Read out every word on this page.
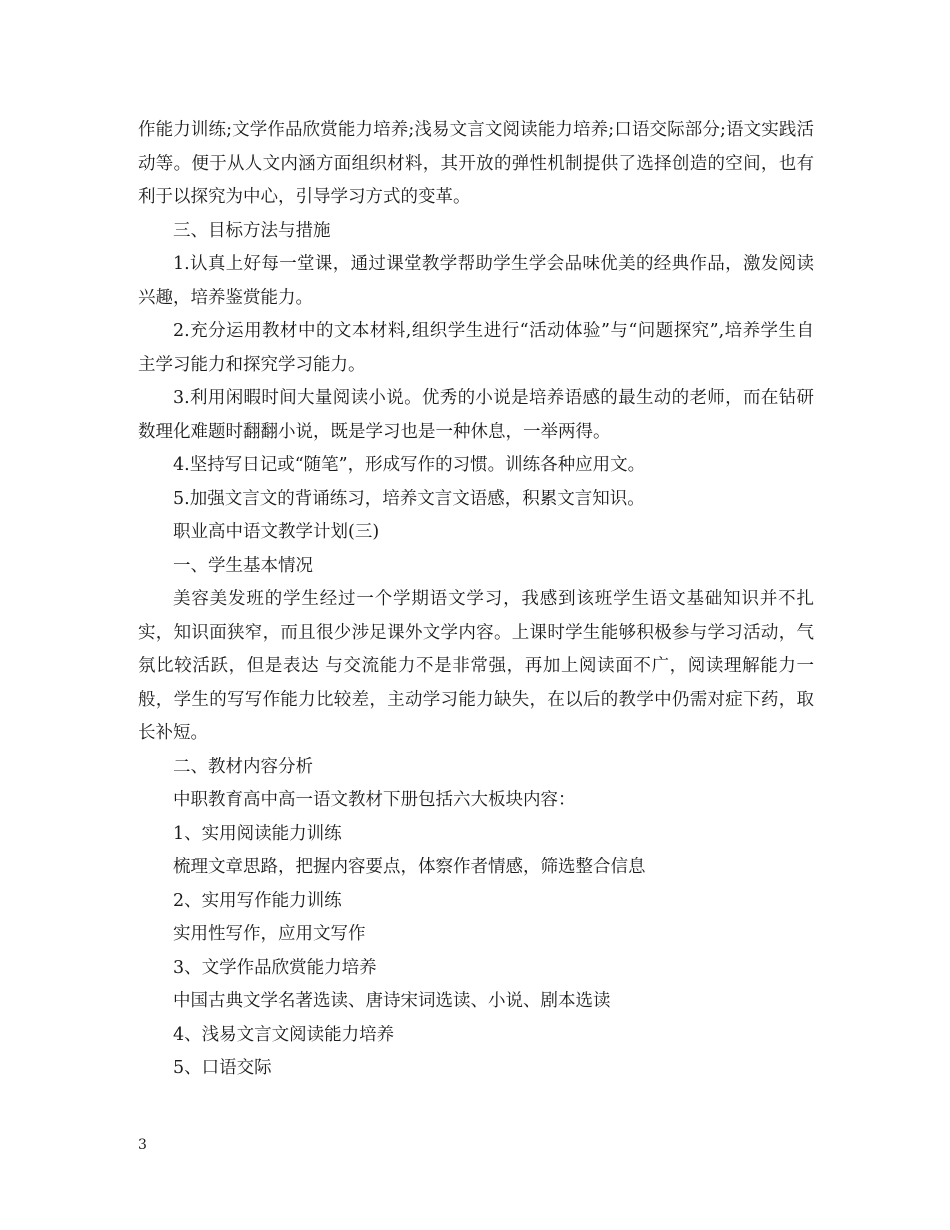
作能力训练;文学作品欣赏能力培养;浅易文言文阅读能力培养;口语交际部分;语文实践活动等。便于从人文内涵方面组织材料，其开放的弹性机制提供了选择创造的空间，也有利于以探究为中心，引导学习方式的变革。

三、目标方法与措施

1.认真上好每一堂课，通过课堂教学帮助学生学会品味优美的经典作品，激发阅读兴趣，培养鉴赏能力。

2.充分运用教材中的文本材料,组织学生进行“活动体验”与“问题探究”,培养学生自主学习能力和探究学习能力。

3.利用闲暇时间大量阅读小说。优秀的小说是培养语感的最生动的老师，而在钻研数理化难题时翻翻小说，既是学习也是一种休息，一举两得。

4.坚持写日记或“随笔”，形成写作的习惯。训练各种应用文。

5.加强文言文的背诵练习，培养文言文语感，积累文言知识。

职业高中语文教学计划(三)

一、学生基本情况

美容美发班的学生经过一个学期语文学习，我感到该班学生语文基础知识并不扎实，知识面狭窄，而且很少涉足课外文学内容。上课时学生能够积极参与学习活动，气氛比较活跃，但是表达 与交流能力不是非常强，再加上阅读面不广，阅读理解能力一般，学生的写写作能力比较差，主动学习能力缺失，在以后的教学中仍需对症下药，取长补短。

二、教材内容分析

中职教育高中高一语文教材下册包括六大板块内容：

1、实用阅读能力训练

梳理文章思路，把握内容要点，体察作者情感，筛选整合信息

2、实用写作能力训练

实用性写作，应用文写作

3、文学作品欣赏能力培养

中国古典文学名著选读、唐诗宋词选读、小说、剧本选读

4、浅易文言文阅读能力培养

5、口语交际

3
